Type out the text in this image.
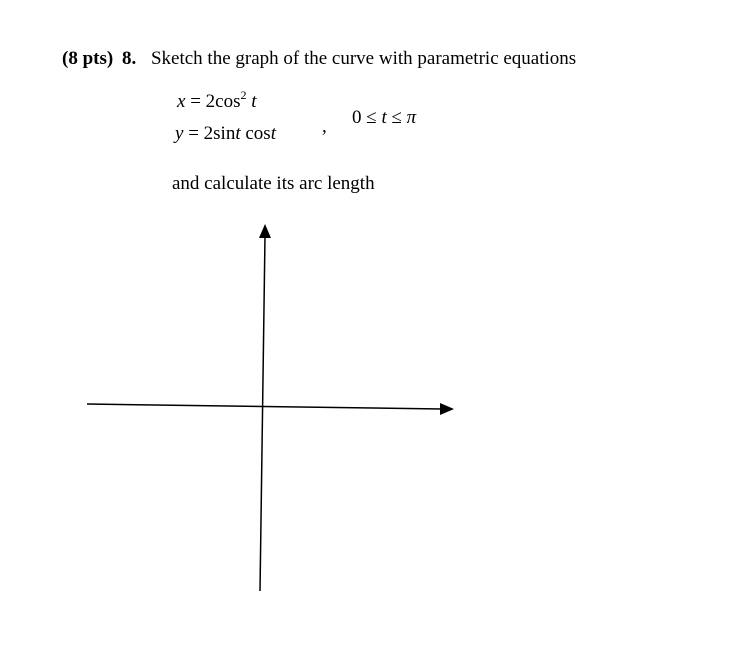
(8 pts) 8. Sketch the graph of the curve with parametric equations
$x = 2\cos^2$ t
y = 2sint cost , 0 ≤ t ≤ π
and calculate its arc length
